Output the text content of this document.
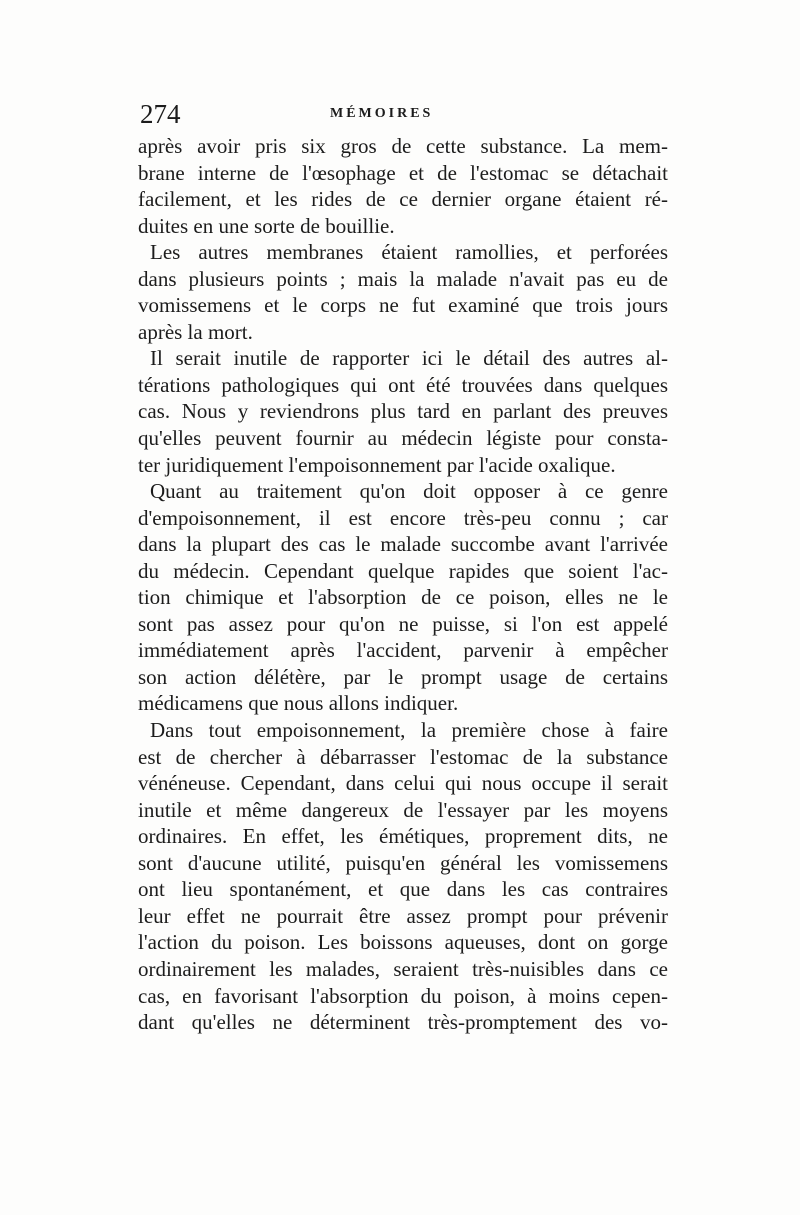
274	MÉMOIRES
après avoir pris six gros de cette substance. La mem-
brane interne de l'œsophage et de l'estomac se détachait
facilement, et les rides de ce dernier organe étaient ré-
duites en une sorte de bouillie.
Les autres membranes étaient ramollies, et perforées
dans plusieurs points ; mais la malade n'avait pas eu de
vomissemens et le corps ne fut examiné que trois jours
après la mort.
Il serait inutile de rapporter ici le détail des autres al-
térations pathologiques qui ont été trouvées dans quelques
cas. Nous y reviendrons plus tard en parlant des preuves
qu'elles peuvent fournir au médecin légiste pour consta-
ter juridiquement l'empoisonnement par l'acide oxalique.
Quant au traitement qu'on doit opposer à ce genre
d'empoisonnement, il est encore très-peu connu ; car
dans la plupart des cas le malade succombe avant l'arrivée
du médecin. Cependant quelque rapides que soient l'ac-
tion chimique et l'absorption de ce poison, elles ne le
sont pas assez pour qu'on ne puisse, si l'on est appelé
immédiatement après l'accident, parvenir à empêcher
son action délétère, par le prompt usage de certains
médicamens que nous allons indiquer.
Dans tout empoisonnement, la première chose à faire
est de chercher à débarrasser l'estomac de la substance
vénéneuse. Cependant, dans celui qui nous occupe il serait
inutile et même dangereux de l'essayer par les moyens
ordinaires. En effet, les émétiques, proprement dits, ne
sont d'aucune utilité, puisqu'en général les vomissemens
ont lieu spontanément, et que dans les cas contraires
leur effet ne pourrait être assez prompt pour prévenir
l'action du poison. Les boissons aqueuses, dont on gorge
ordinairement les malades, seraient très-nuisibles dans ce
cas, en favorisant l'absorption du poison, à moins cepen-
dant qu'elles ne déterminent très-promptement des vo-
